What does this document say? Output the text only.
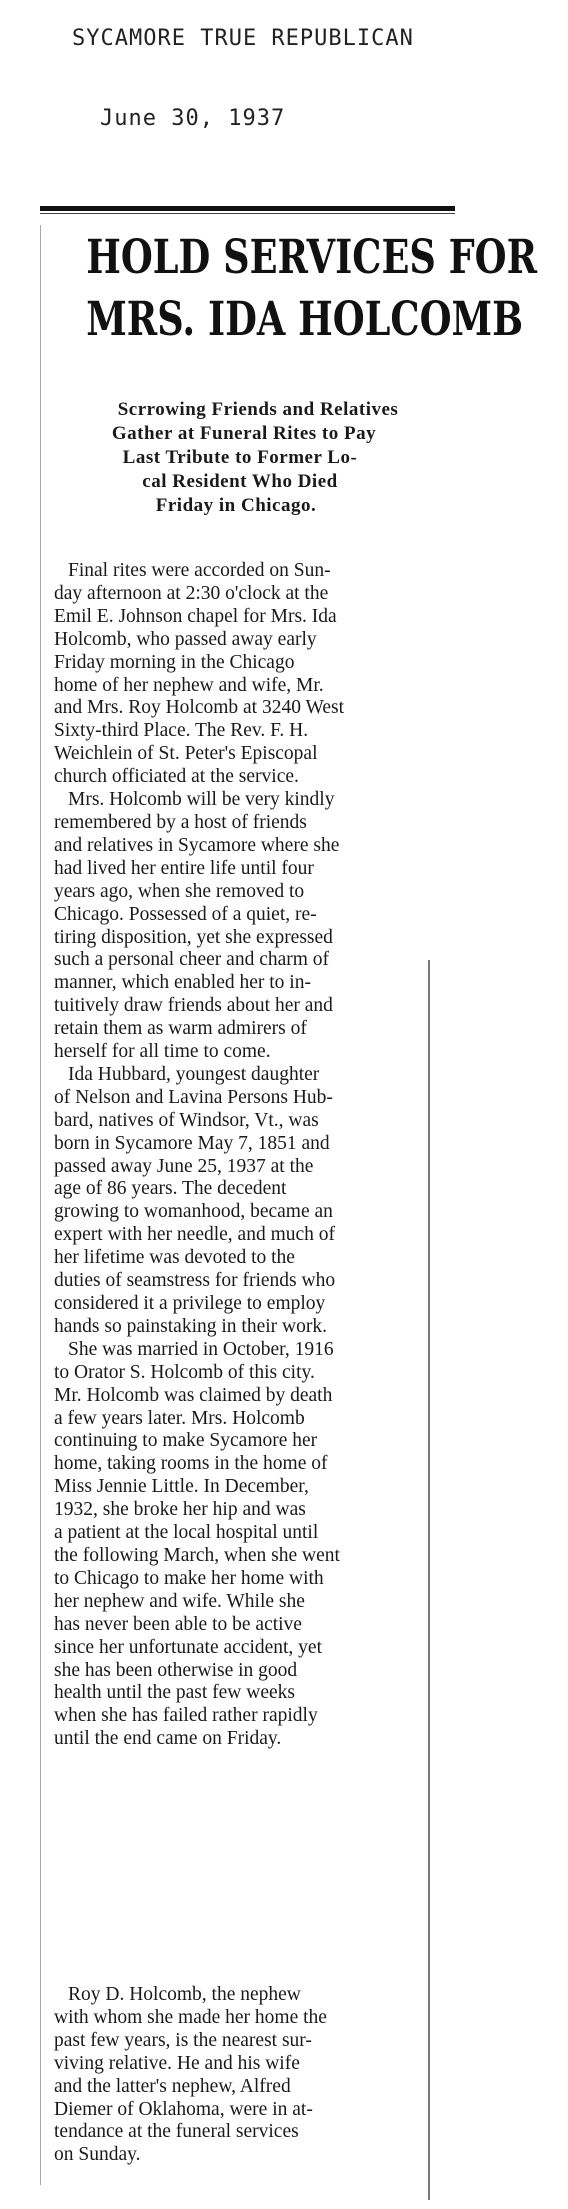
SYCAMORE TRUE REPUBLICAN
June 30, 1937
HOLD SERVICES FOR
MRS. IDA HOLCOMB
Scrrowing Friends and Relatives
Gather at Funeral Rites to Pay
Last Tribute to Former Lo-
cal Resident Who Died
Friday in Chicago.
Final rites were accorded on Sun-
day afternoon at 2:30 o'clock at the
Emil E. Johnson chapel for Mrs. Ida
Holcomb, who passed away early
Friday morning in the Chicago
home of her nephew and wife, Mr.
and Mrs. Roy Holcomb at 3240 West
Sixty-third Place. The Rev. F. H.
Weichlein of St. Peter's Episcopal
church officiated at the service.
Mrs. Holcomb will be very kindly
remembered by a host of friends
and relatives in Sycamore where she
had lived her entire life until four
years ago, when she removed to
Chicago. Possessed of a quiet, re-
tiring disposition, yet she expressed
such a personal cheer and charm of
manner, which enabled her to in-
tuitively draw friends about her and
retain them as warm admirers of
herself for all time to come.
Ida Hubbard, youngest daughter
of Nelson and Lavina Persons Hub-
bard, natives of Windsor, Vt., was
born in Sycamore May 7, 1851 and
passed away June 25, 1937 at the
age of 86 years. The decedent
growing to womanhood, became an
expert with her needle, and much of
her lifetime was devoted to the
duties of seamstress for friends who
considered it a privilege to employ
hands so painstaking in their work.
She was married in October, 1916
to Orator S. Holcomb of this city.
Mr. Holcomb was claimed by death
a few years later. Mrs. Holcomb
continuing to make Sycamore her
home, taking rooms in the home of
Miss Jennie Little. In December,
1932, she broke her hip and was
a patient at the local hospital until
the following March, when she went
to Chicago to make her home with
her nephew and wife. While she
has never been able to be active
since her unfortunate accident, yet
she has been otherwise in good
health until the past few weeks
when she has failed rather rapidly
until the end came on Friday.
Roy D. Holcomb, the nephew
with whom she made her home the
past few years, is the nearest sur-
viving relative. He and his wife
and the latter's nephew, Alfred
Diemer of Oklahoma, were in at-
tendance at the funeral services
on Sunday.
